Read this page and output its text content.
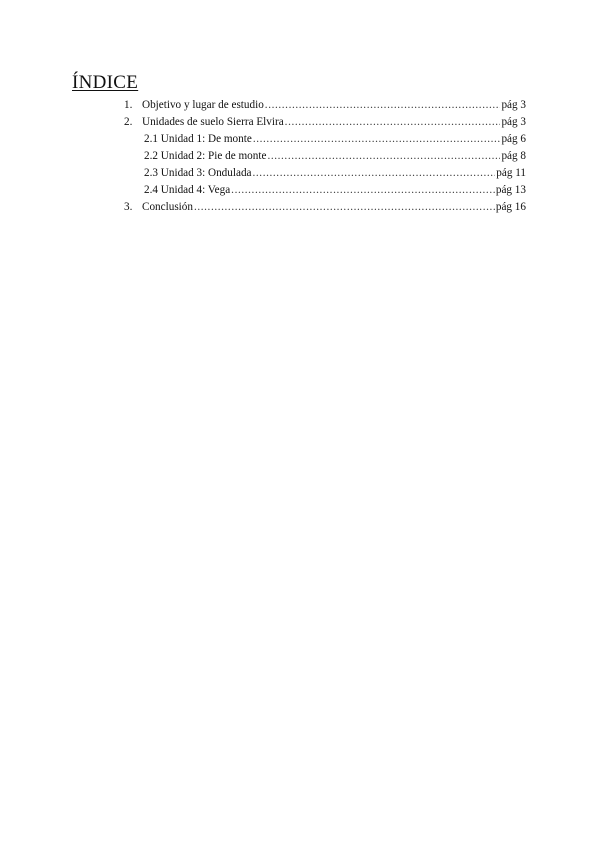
ÍNDICE
1. Objetivo y lugar de estudio .....	pág 3
2. Unidades de suelo Sierra Elvira .....	pág 3
2.1 Unidad 1: De monte .....	pág 6
2.2 Unidad 2: Pie de monte .....	pág 8
2.3 Unidad 3: Ondulada .....	pág 11
2.4 Unidad 4: Vega .....	pág 13
3. Conclusión .....	pág 16
